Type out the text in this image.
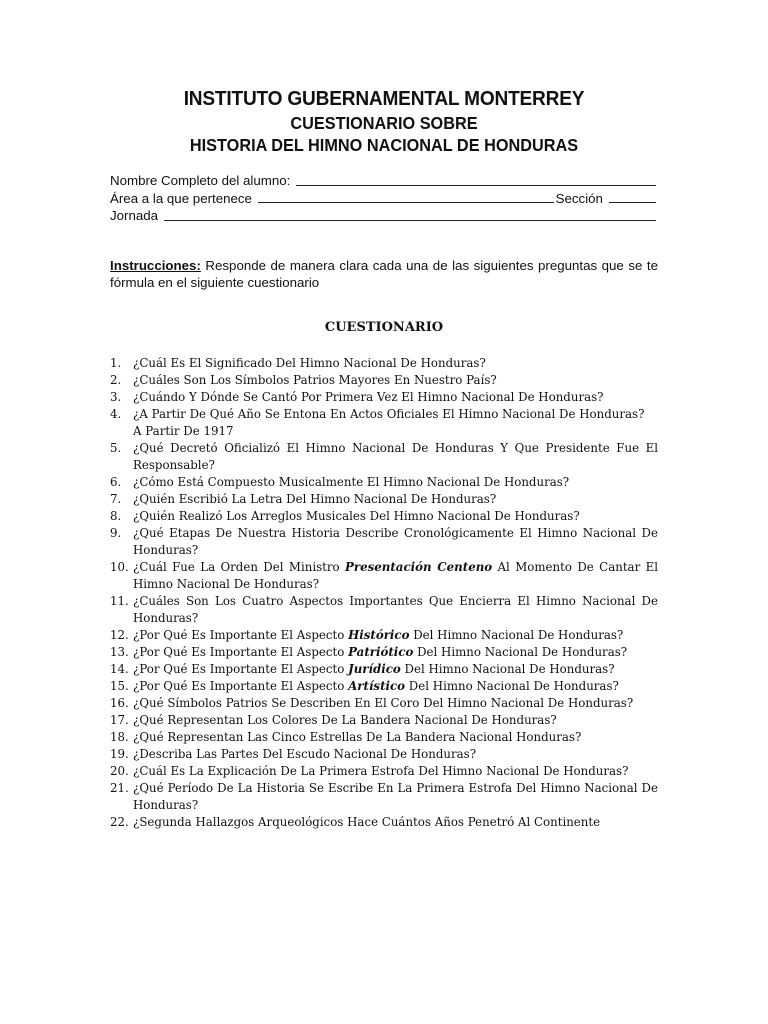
INSTITUTO GUBERNAMENTAL MONTERREY
CUESTIONARIO SOBRE
HISTORIA DEL HIMNO NACIONAL DE HONDURAS
Nombre Completo del alumno:
Área a la que pertenece	Sección
Jornada
Instrucciones: Responde de manera clara cada una de las siguientes preguntas que se te fórmula en el siguiente cuestionario
CUESTIONARIO
1. ¿Cuál Es El Significado Del Himno Nacional De Honduras?
2. ¿Cuáles Son Los Símbolos Patrios Mayores En Nuestro País?
3. ¿Cuándo Y Dónde Se Cantó Por Primera Vez El Himno Nacional De Honduras?
4. ¿A Partir De Qué Año Se Entona En Actos Oficiales El Himno Nacional De Honduras?
A Partir De 1917
5. ¿Qué Decretó Oficializó El Himno Nacional De Honduras Y Que Presidente Fue El Responsable?
6. ¿Cómo Está Compuesto Musicalmente El Himno Nacional De Honduras?
7. ¿Quién Escribió La Letra Del Himno Nacional De Honduras?
8. ¿Quién Realizó Los Arreglos Musicales Del Himno Nacional De Honduras?
9. ¿Qué Etapas De Nuestra Historia Describe Cronológicamente El Himno Nacional De Honduras?
10. ¿Cuál Fue La Orden Del Ministro Presentación Centeno Al Momento De Cantar El Himno Nacional De Honduras?
11. ¿Cuáles Son Los Cuatro Aspectos Importantes Que Encierra El Himno Nacional De Honduras?
12. ¿Por Qué Es Importante El Aspecto Histórico Del Himno Nacional De Honduras?
13. ¿Por Qué Es Importante El Aspecto Patriótico Del Himno Nacional De Honduras?
14. ¿Por Qué Es Importante El Aspecto Jurídico Del Himno Nacional De Honduras?
15. ¿Por Qué Es Importante El Aspecto Artístico Del Himno Nacional De Honduras?
16. ¿Qué Símbolos Patrios Se Describen En El Coro Del Himno Nacional De Honduras?
17. ¿Qué Representan Los Colores De La Bandera Nacional De Honduras?
18. ¿Qué Representan Las Cinco Estrellas De La Bandera Nacional Honduras?
19. ¿Describa Las Partes Del Escudo Nacional De Honduras?
20. ¿Cuál Es La Explicación De La Primera Estrofa Del Himno Nacional De Honduras?
21. ¿Qué Período De La Historia Se Escribe En La Primera Estrofa Del Himno Nacional De Honduras?
22. ¿Segunda Hallazgos Arqueológicos Hace Cuántos Años Penetró Al Continente
